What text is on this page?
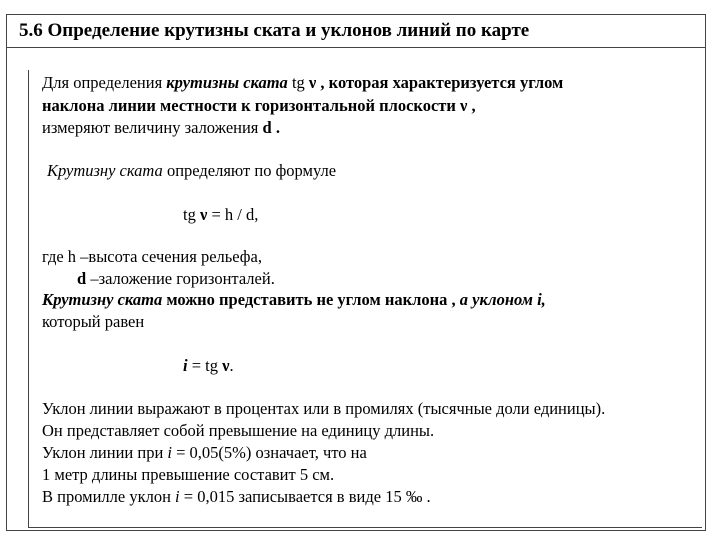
5.6 Определение крутизны ската и уклонов линий по карте
Для определения крутизны ската tg ν , которая характеризуется углом
наклона линии местности к горизонтальной плоскости ν ,
измеряют величину заложения d .
Крутизну ската определяют по формуле
tg ν = h / d,
где h –высота сечения рельефа,
d –заложение горизонталей.
Крутизну ската можно представить не углом наклона , а уклоном i,
который равен
i = tg ν.
Уклон линии выражают в процентах или в промилях (тысячные доли единицы).
Он представляет собой превышение на единицу длины.
Уклон линии при i = 0,05(5%) означает, что на
1 метр длины превышение составит 5 см.
В промилле уклон i = 0,015 записывается в виде 15 ‰ .
